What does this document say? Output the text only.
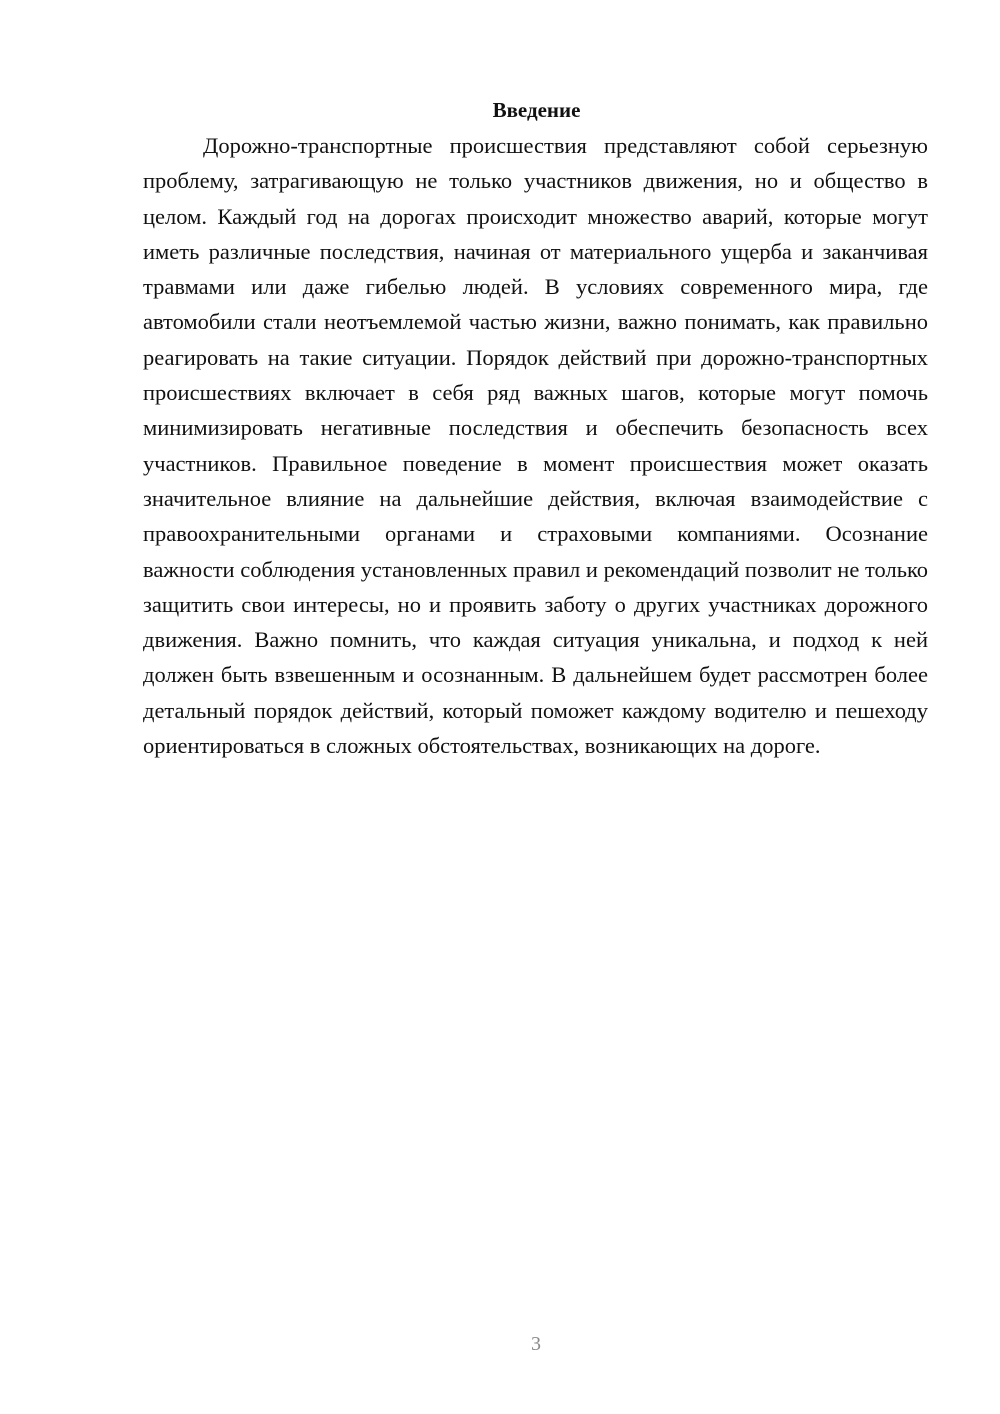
Введение

Дорожно-транспортные происшествия представляют собой серьезную проблему, затрагивающую не только участников движения, но и общество в целом. Каждый год на дорогах происходит множество аварий, которые могут иметь различные последствия, начиная от материального ущерба и заканчивая травмами или даже гибелью людей. В условиях современного мира, где автомобили стали неотъемлемой частью жизни, важно понимать, как правильно реагировать на такие ситуации. Порядок действий при дорожно-транспортных происшествиях включает в себя ряд важных шагов, которые могут помочь минимизировать негативные последствия и обеспечить безопасность всех участников. Правильное поведение в момент происшествия может оказать значительное влияние на дальнейшие действия, включая взаимодействие с правоохранительными органами и страховыми компаниями. Осознание важности соблюдения установленных правил и рекомендаций позволит не только защитить свои интересы, но и проявить заботу о других участниках дорожного движения. Важно помнить, что каждая ситуация уникальна, и подход к ней должен быть взвешенным и осознанным. В дальнейшем будет рассмотрен более детальный порядок действий, который поможет каждому водителю и пешеходу ориентироваться в сложных обстоятельствах, возникающих на дороге.

3
